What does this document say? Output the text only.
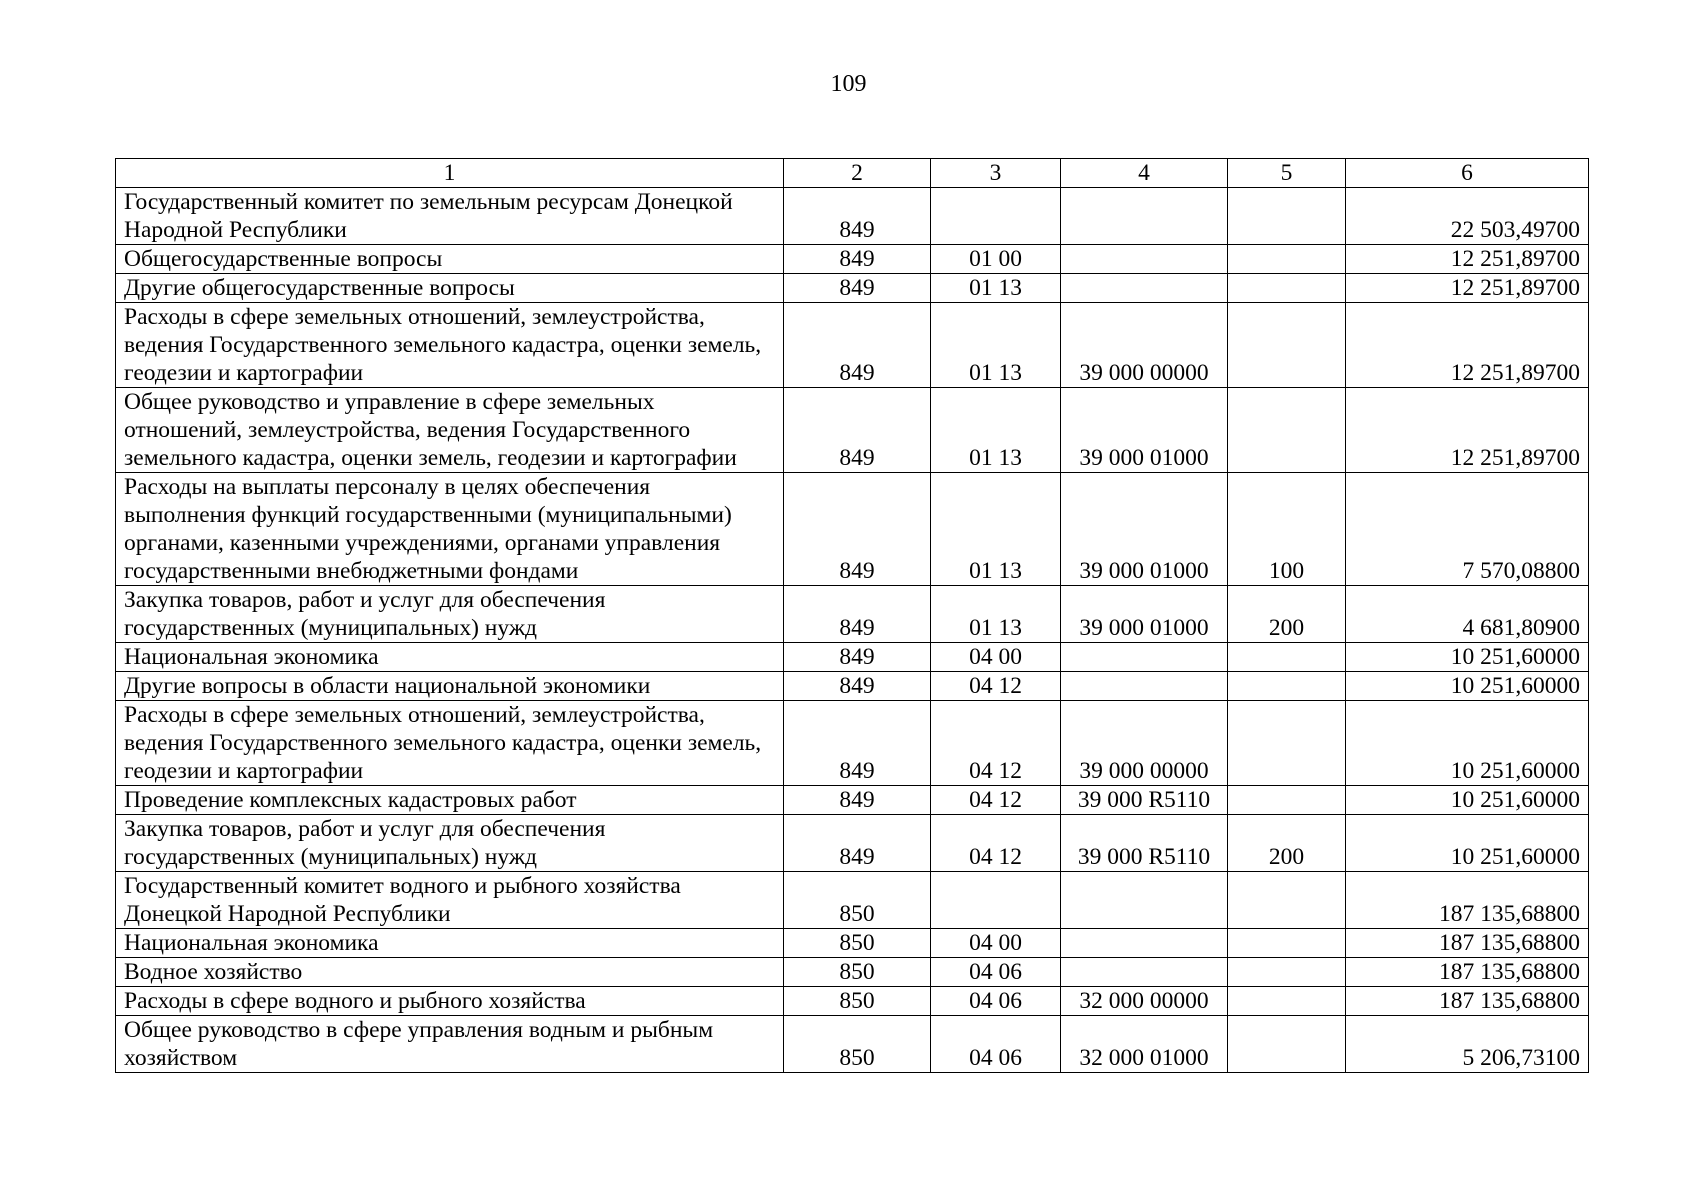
109
1	2	3	4	5	6
Государственный комитет по земельным ресурсам Донецкой Народной Республики	849				22 503,49700
Общегосударственные вопросы	849	01 00			12 251,89700
Другие общегосударственные вопросы	849	01 13			12 251,89700
Расходы в сфере земельных отношений, землеустройства, ведения Государственного земельного кадастра, оценки земель, геодезии и картографии	849	01 13	39 000 00000		12 251,89700
Общее руководство и управление в сфере земельных отношений, землеустройства, ведения Государственного земельного кадастра, оценки земель, геодезии и картографии	849	01 13	39 000 01000		12 251,89700
Расходы на выплаты персоналу в целях обеспечения выполнения функций государственными (муниципальными) органами, казенными учреждениями, органами управления государственными внебюджетными фондами	849	01 13	39 000 01000	100	7 570,08800
Закупка товаров, работ и услуг для обеспечения государственных (муниципальных) нужд	849	01 13	39 000 01000	200	4 681,80900
Национальная экономика	849	04 00			10 251,60000
Другие вопросы в области национальной экономики	849	04 12			10 251,60000
Расходы в сфере земельных отношений, землеустройства, ведения Государственного земельного кадастра, оценки земель, геодезии и картографии	849	04 12	39 000 00000		10 251,60000
Проведение комплексных кадастровых работ	849	04 12	39 000 R5110		10 251,60000
Закупка товаров, работ и услуг для обеспечения государственных (муниципальных) нужд	849	04 12	39 000 R5110	200	10 251,60000
Государственный комитет водного и рыбного хозяйства Донецкой Народной Республики	850				187 135,68800
Национальная экономика	850	04 00			187 135,68800
Водное хозяйство	850	04 06			187 135,68800
Расходы в сфере водного и рыбного хозяйства	850	04 06	32 000 00000		187 135,68800
Общее руководство в сфере управления водным и рыбным хозяйством	850	04 06	32 000 01000		5 206,73100
